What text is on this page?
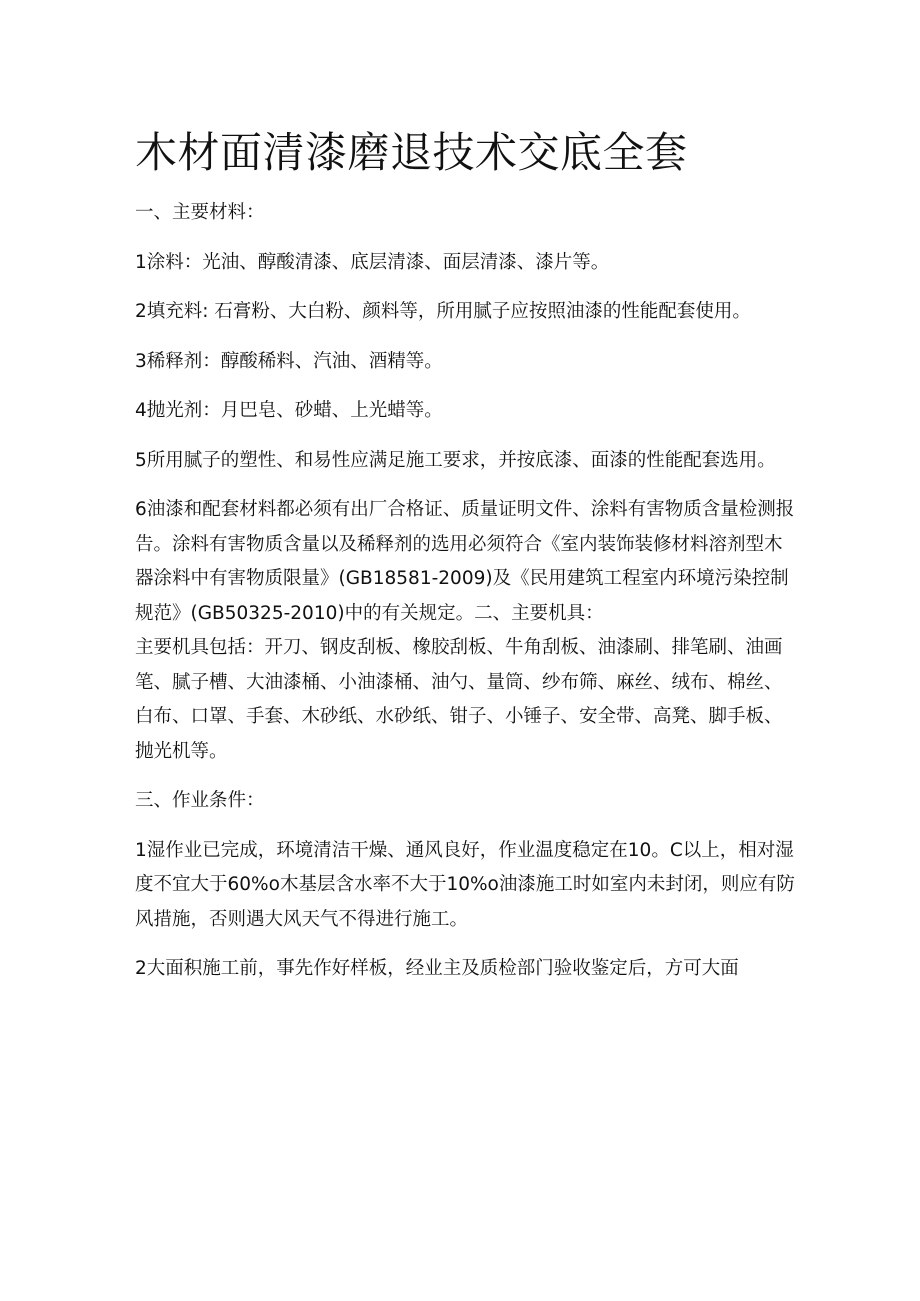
木材面清漆磨退技术交底全套

一、主要材料：

1涂料：光油、醇酸清漆、底层清漆、面层清漆、漆片等。

2填充料: 石膏粉、大白粉、颜料等，所用腻子应按照油漆的性能配套使用。

3稀释剂：醇酸稀料、汽油、酒精等。

4抛光剂：月巴皂、砂蜡、上光蜡等。

5所用腻子的塑性、和易性应满足施工要求，并按底漆、面漆的性能配套选用。

6油漆和配套材料都必须有出厂合格证、质量证明文件、涂料有害物质含量检测报告。涂料有害物质含量以及稀释剂的选用必须符合《室内装饰装修材料溶剂型木器涂料中有害物质限量》(GB18581-2009)及《民用建筑工程室内环境污染控制规范》(GB50325-2010)中的有关规定。二、主要机具：

主要机具包括：开刀、钢皮刮板、橡胶刮板、牛角刮板、油漆刷、排笔刷、油画笔、腻子槽、大油漆桶、小油漆桶、油勺、量筒、纱布筛、麻丝、绒布、棉丝、白布、口罩、手套、木砂纸、水砂纸、钳子、小锤子、安全带、高凳、脚手板、抛光机等。

三、作业条件：

1湿作业已完成，环境清洁干燥、通风良好，作业温度稳定在10。C以上，相对湿度不宜大于60%o木基层含水率不大于10%o油漆施工时如室内未封闭，则应有防风措施，否则遇大风天气不得进行施工。

2大面积施工前，事先作好样板，经业主及质检部门验收鉴定后，方可大面
